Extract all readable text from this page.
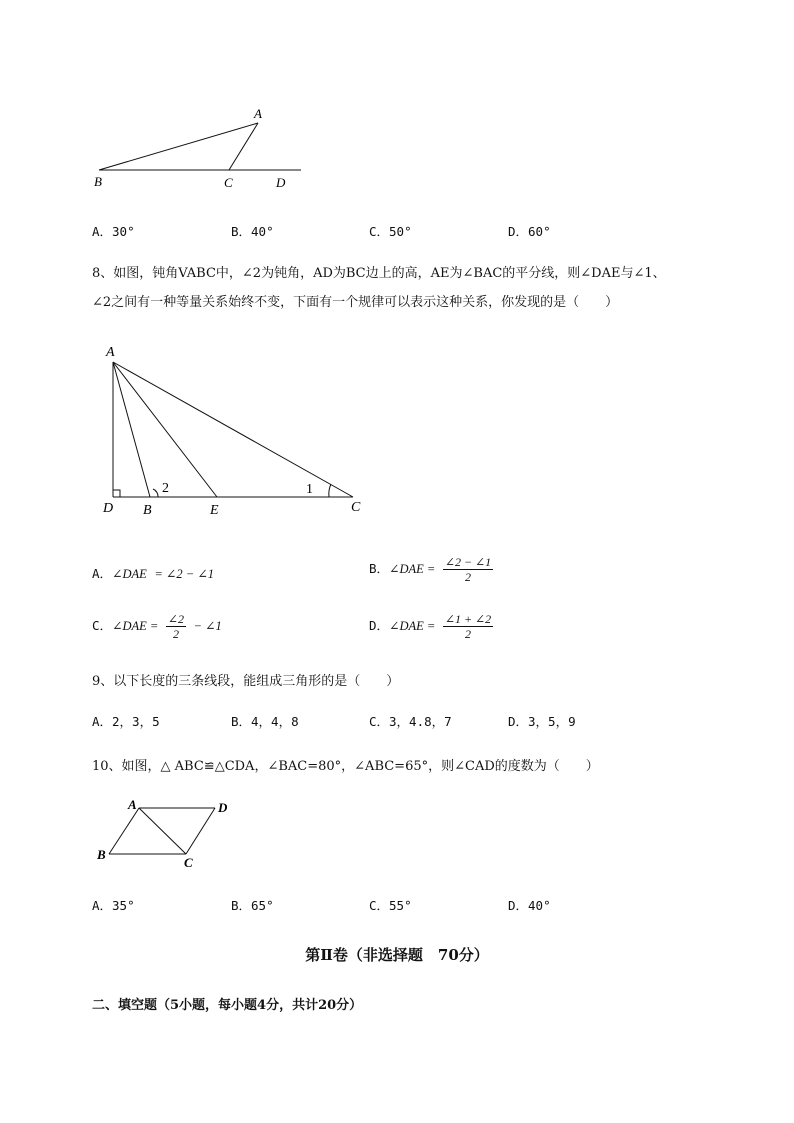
A
B	C	D
A．30°	B．40°	C．50°	D．60°
8、如图，钝角VABC中，∠2为钝角，AD为BC边上的高，AE为∠BAC的平分线，则∠DAE与∠1、
∠2之间有一种等量关系始终不变，下面有一个规律可以表示这种关系，你发现的是（　　）
A
D B	E	C
2	1
A．∠DAE = ∠2 − ∠1	B．∠DAE = $\frac{\angle 2 - \angle 1}{2}$
C．∠DAE = $\frac{\angle 2}{2}$ − ∠1	D．∠DAE = $\frac{\angle 1 + \angle 2}{2}$
9、以下长度的三条线段，能组成三角形的是（　　）
A．2，3，5	B．4，4，8	C．3，4.8，7	D．3，5，9
10、如图，△ ABC≌△CDA，∠BAC=80°，∠ABC=65°，则∠CAD的度数为（　　）
A	D
B
C
A．35°	B．65°	C．55°	D．40°
第Ⅱ卷（非选择题　70分）
二、填空题（5小题，每小题4分，共计20分）
